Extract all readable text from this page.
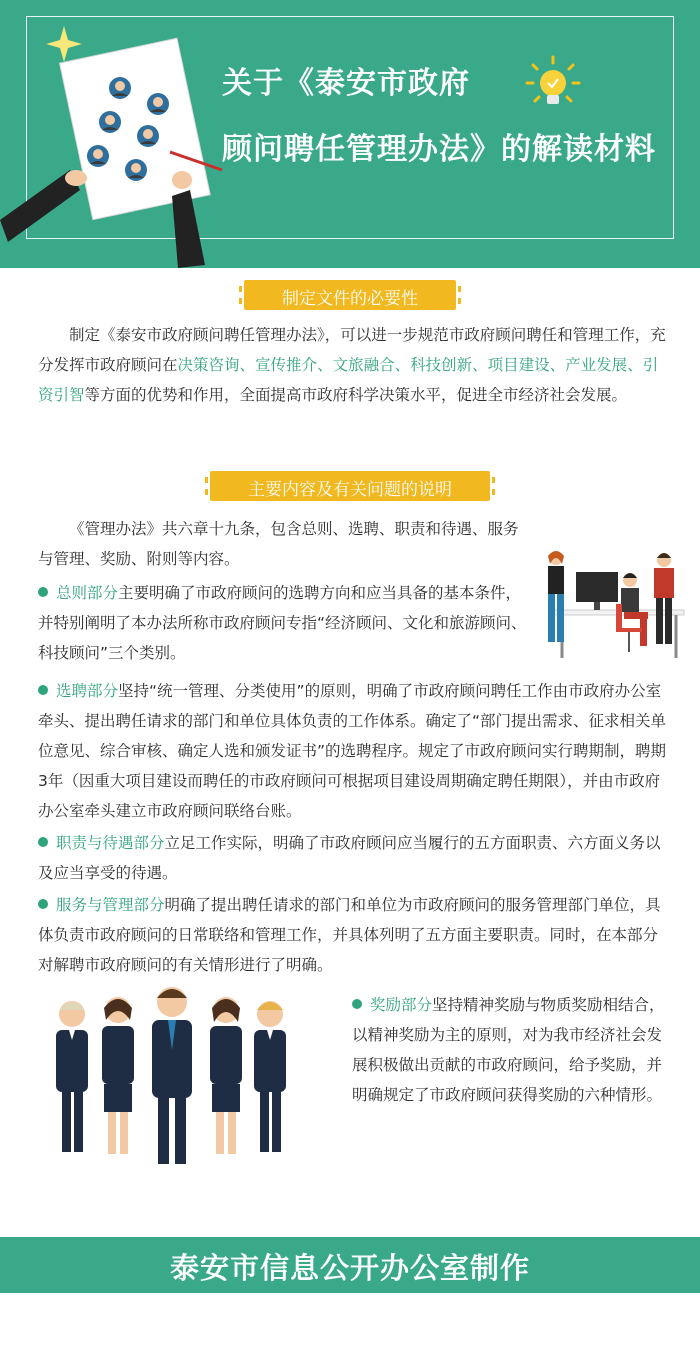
关于《泰安市政府
顾问聘任管理办法》的解读材料
制定文件的必要性
制定《泰安市政府顾问聘任管理办法》，可以进一步规范市政府顾问聘任和管理工作，充分发挥市政府顾问在决策咨询、宣传推介、文旅融合、科技创新、项目建设、产业发展、引资引智等方面的优势和作用，全面提高市政府科学决策水平，促进全市经济社会发展。
主要内容及有关问题的说明
《管理办法》共六章十九条，包含总则、选聘、职责和待遇、服务与管理、奖励、附则等内容。
总则部分主要明确了市政府顾问的选聘方向和应当具备的基本条件，并特别阐明了本办法所称市政府顾问专指“经济顾问、文化和旅游顾问、科技顾问”三个类别。
选聘部分坚持“统一管理、分类使用”的原则，明确了市政府顾问聘任工作由市政府办公室牵头、提出聘任请求的部门和单位具体负责的工作体系。确定了“部门提出需求、征求相关单位意见、综合审核、确定人选和颁发证书”的选聘程序。规定了市政府顾问实行聘期制，聘期3年（因重大项目建设而聘任的市政府顾问可根据项目建设周期确定聘任期限），并由市政府办公室牵头建立市政府顾问联络台账。
职责与待遇部分立足工作实际，明确了市政府顾问应当履行的五方面职责、六方面义务以及应当享受的待遇。
服务与管理部分明确了提出聘任请求的部门和单位为市政府顾问的服务管理部门单位，具体负责市政府顾问的日常联络和管理工作，并具体列明了五方面主要职责。同时，在本部分对解聘市政府顾问的有关情形进行了明确。
奖励部分坚持精神奖励与物质奖励相结合，以精神奖励为主的原则，对为我市经济社会发展积极做出贡献的市政府顾问，给予奖励，并明确规定了市政府顾问获得奖励的六种情形。
泰安市信息公开办公室制作
